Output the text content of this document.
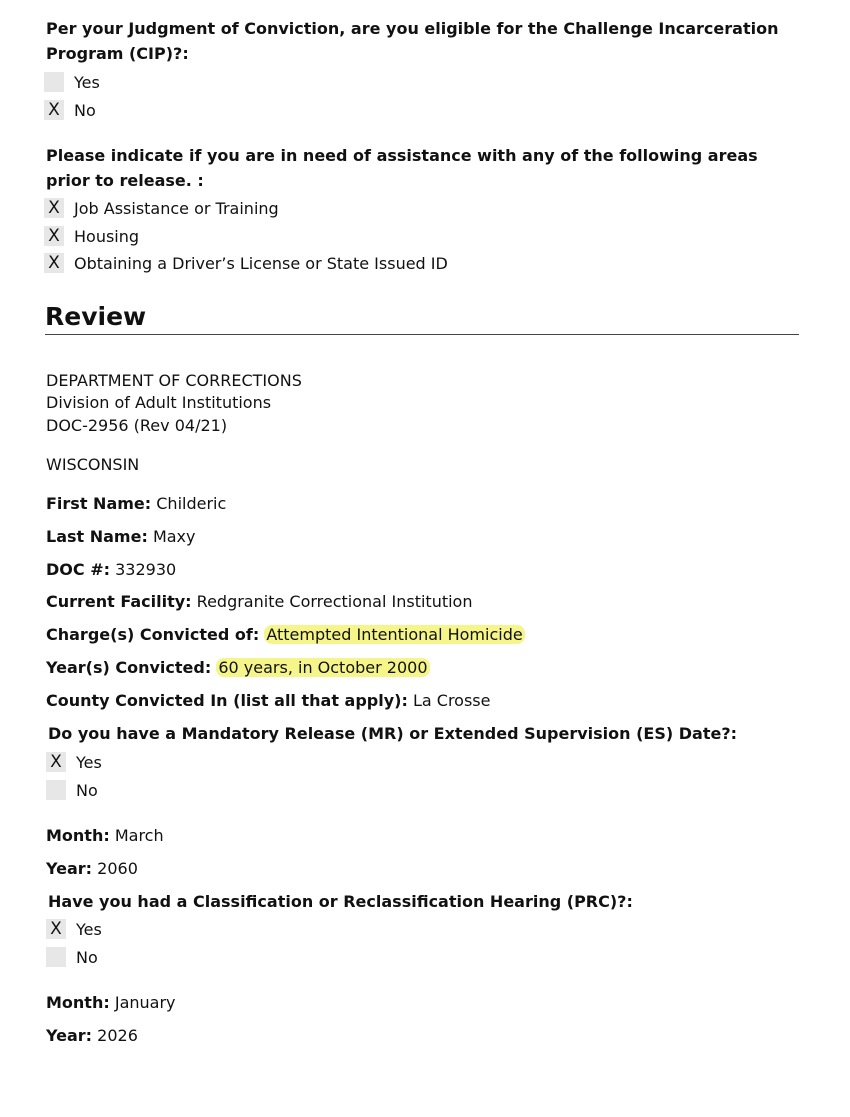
Per your Judgment of Conviction, are you eligible for the Challenge Incarceration Program (CIP)?:
Yes
X No
Please indicate if you are in need of assistance with any of the following areas prior to release. :
X Job Assistance or Training
X Housing
X Obtaining a Driver’s License or State Issued ID
Review
DEPARTMENT OF CORRECTIONS
Division of Adult Institutions
DOC-2956 (Rev 04/21)
WISCONSIN
First Name: Childeric
Last Name: Maxy
DOC #: 332930
Current Facility: Redgranite Correctional Institution
Charge(s) Convicted of: Attempted Intentional Homicide
Year(s) Convicted: 60 years, in October 2000
County Convicted In (list all that apply): La Crosse
Do you have a Mandatory Release (MR) or Extended Supervision (ES) Date?:
X Yes
No
Month: March
Year: 2060
Have you had a Classification or Reclassification Hearing (PRC)?:
X Yes
No
Month: January
Year: 2026
